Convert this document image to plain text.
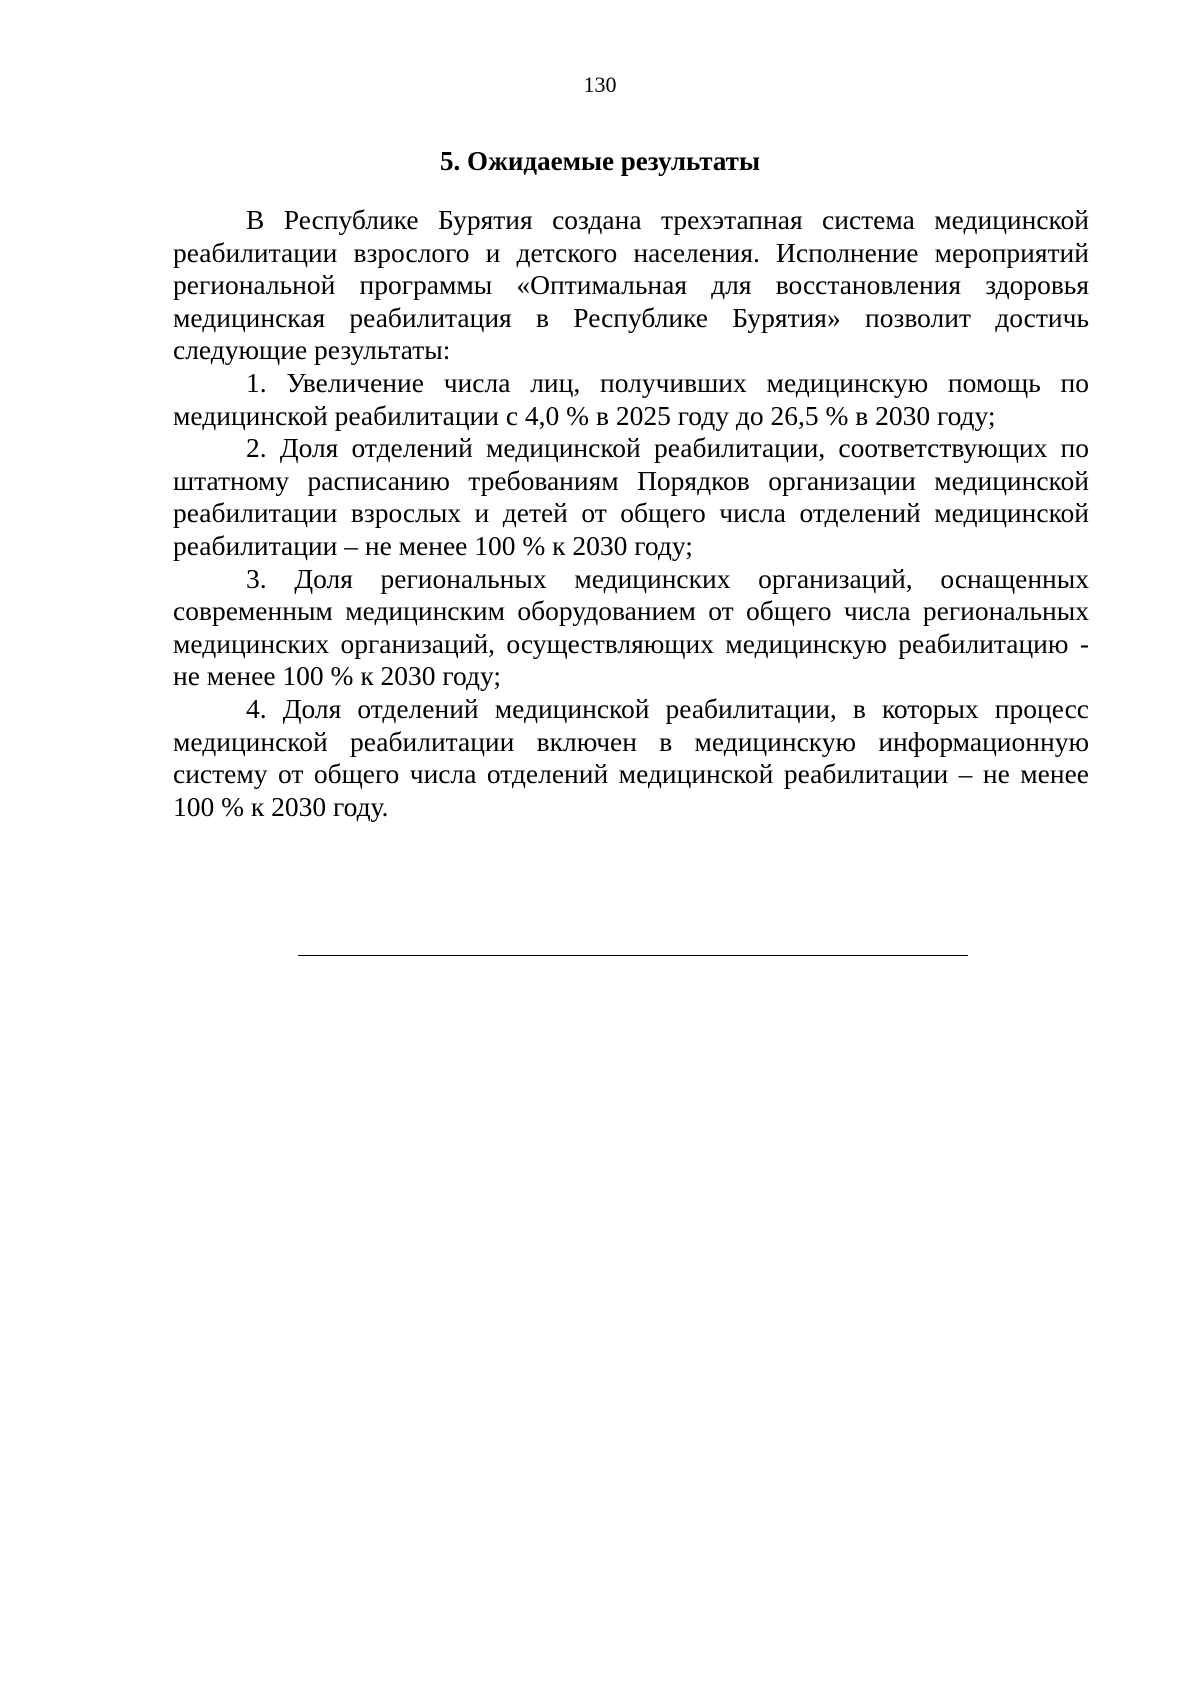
130
5. Ожидаемые результаты

В Республике Бурятия создана трехэтапная система медицинской реабилитации взрослого и детского населения. Исполнение мероприятий региональной программы «Оптимальная для восстановления здоровья медицинская реабилитация в Республике Бурятия» позволит достичь следующие результаты:

1. Увеличение числа лиц, получивших медицинскую помощь по медицинской реабилитации с 4,0 % в 2025 году до 26,5 % в 2030 году;

2. Доля отделений медицинской реабилитации, соответствующих по штатному расписанию требованиям Порядков организации медицинской реабилитации взрослых и детей от общего числа отделений медицинской реабилитации – не менее 100 % к 2030 году;

3. Доля региональных медицинских организаций, оснащенных современным медицинским оборудованием от общего числа региональных медицинских организаций, осуществляющих медицинскую реабилитацию - не менее 100 % к 2030 году;

4. Доля отделений медицинской реабилитации, в которых процесс медицинской реабилитации включен в медицинскую информационную систему от общего числа отделений медицинской реабилитации – не менее 100 % к 2030 году.
